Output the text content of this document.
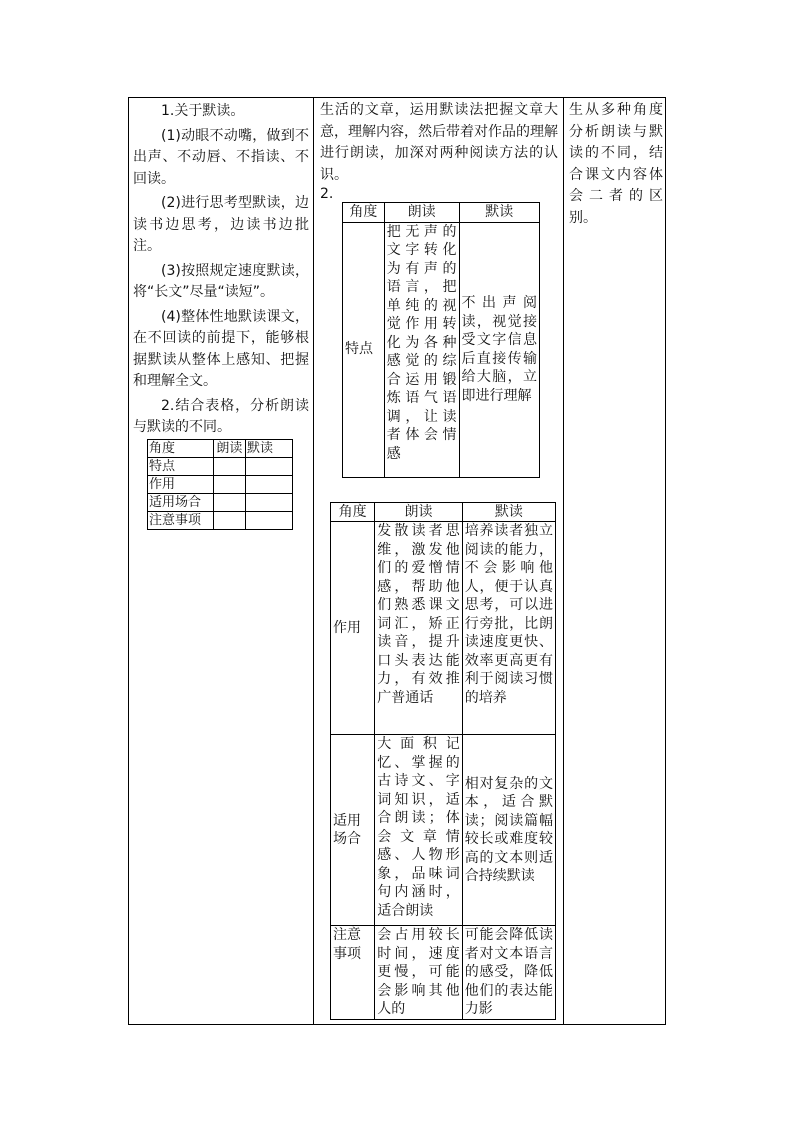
1.关于默读。

(1)动眼不动嘴，做到不出声、不动唇、不指读、不回读。

(2)进行思考型默读，边读书边思考，边读书边批注。

(3)按照规定速度默读，将“长文”尽量“读短”。

(4)整体性地默读课文，在不回读的前提下，能够根据默读从整体上感知、把握和理解全文。

2.结合表格，分析朗读与默读的不同。

角度	朗读	默读
特点		
作用		
适用场合		
注意事项		

生活的文章，运用默读法把握文章大意，理解内容，然后带着对作品的理解进行朗读，加深对两种阅读方法的认识。

2.

角度	朗读	默读
特点	把无声的文字转化为有声的语言，把单纯的视觉作用转化为各种感觉的综合运用锻炼语气语调，让读者体会情感	不出声阅读，视觉接受文字信息后直接传输给大脑，立即进行理解
角度	朗读	默读
作用	发散读者思维，激发他们的爱憎情感，帮助他们熟悉课文词汇，矫正读音，提升口头表达能力，有效推广普通话	培养读者独立阅读的能力，不会影响他人，便于认真思考，可以进行旁批，比朗读速度更快、效率更高更有利于阅读习惯的培养
适用场合	大面积记忆、掌握的古诗文、字词知识，适合朗读；体会文章情感、人物形象，品味词句内涵时，适合朗读	相对复杂的文本，适合默读；阅读篇幅较长或难度较高的文本则适合持续默读
注意事项	会占用较长时间，速度更慢，可能会影响其他人的	可能会降低读者对文本语言的感受，降低他们的表达能力影

生从多种角度分析朗读与默读的不同，结合课文内容体会二者的区别。
